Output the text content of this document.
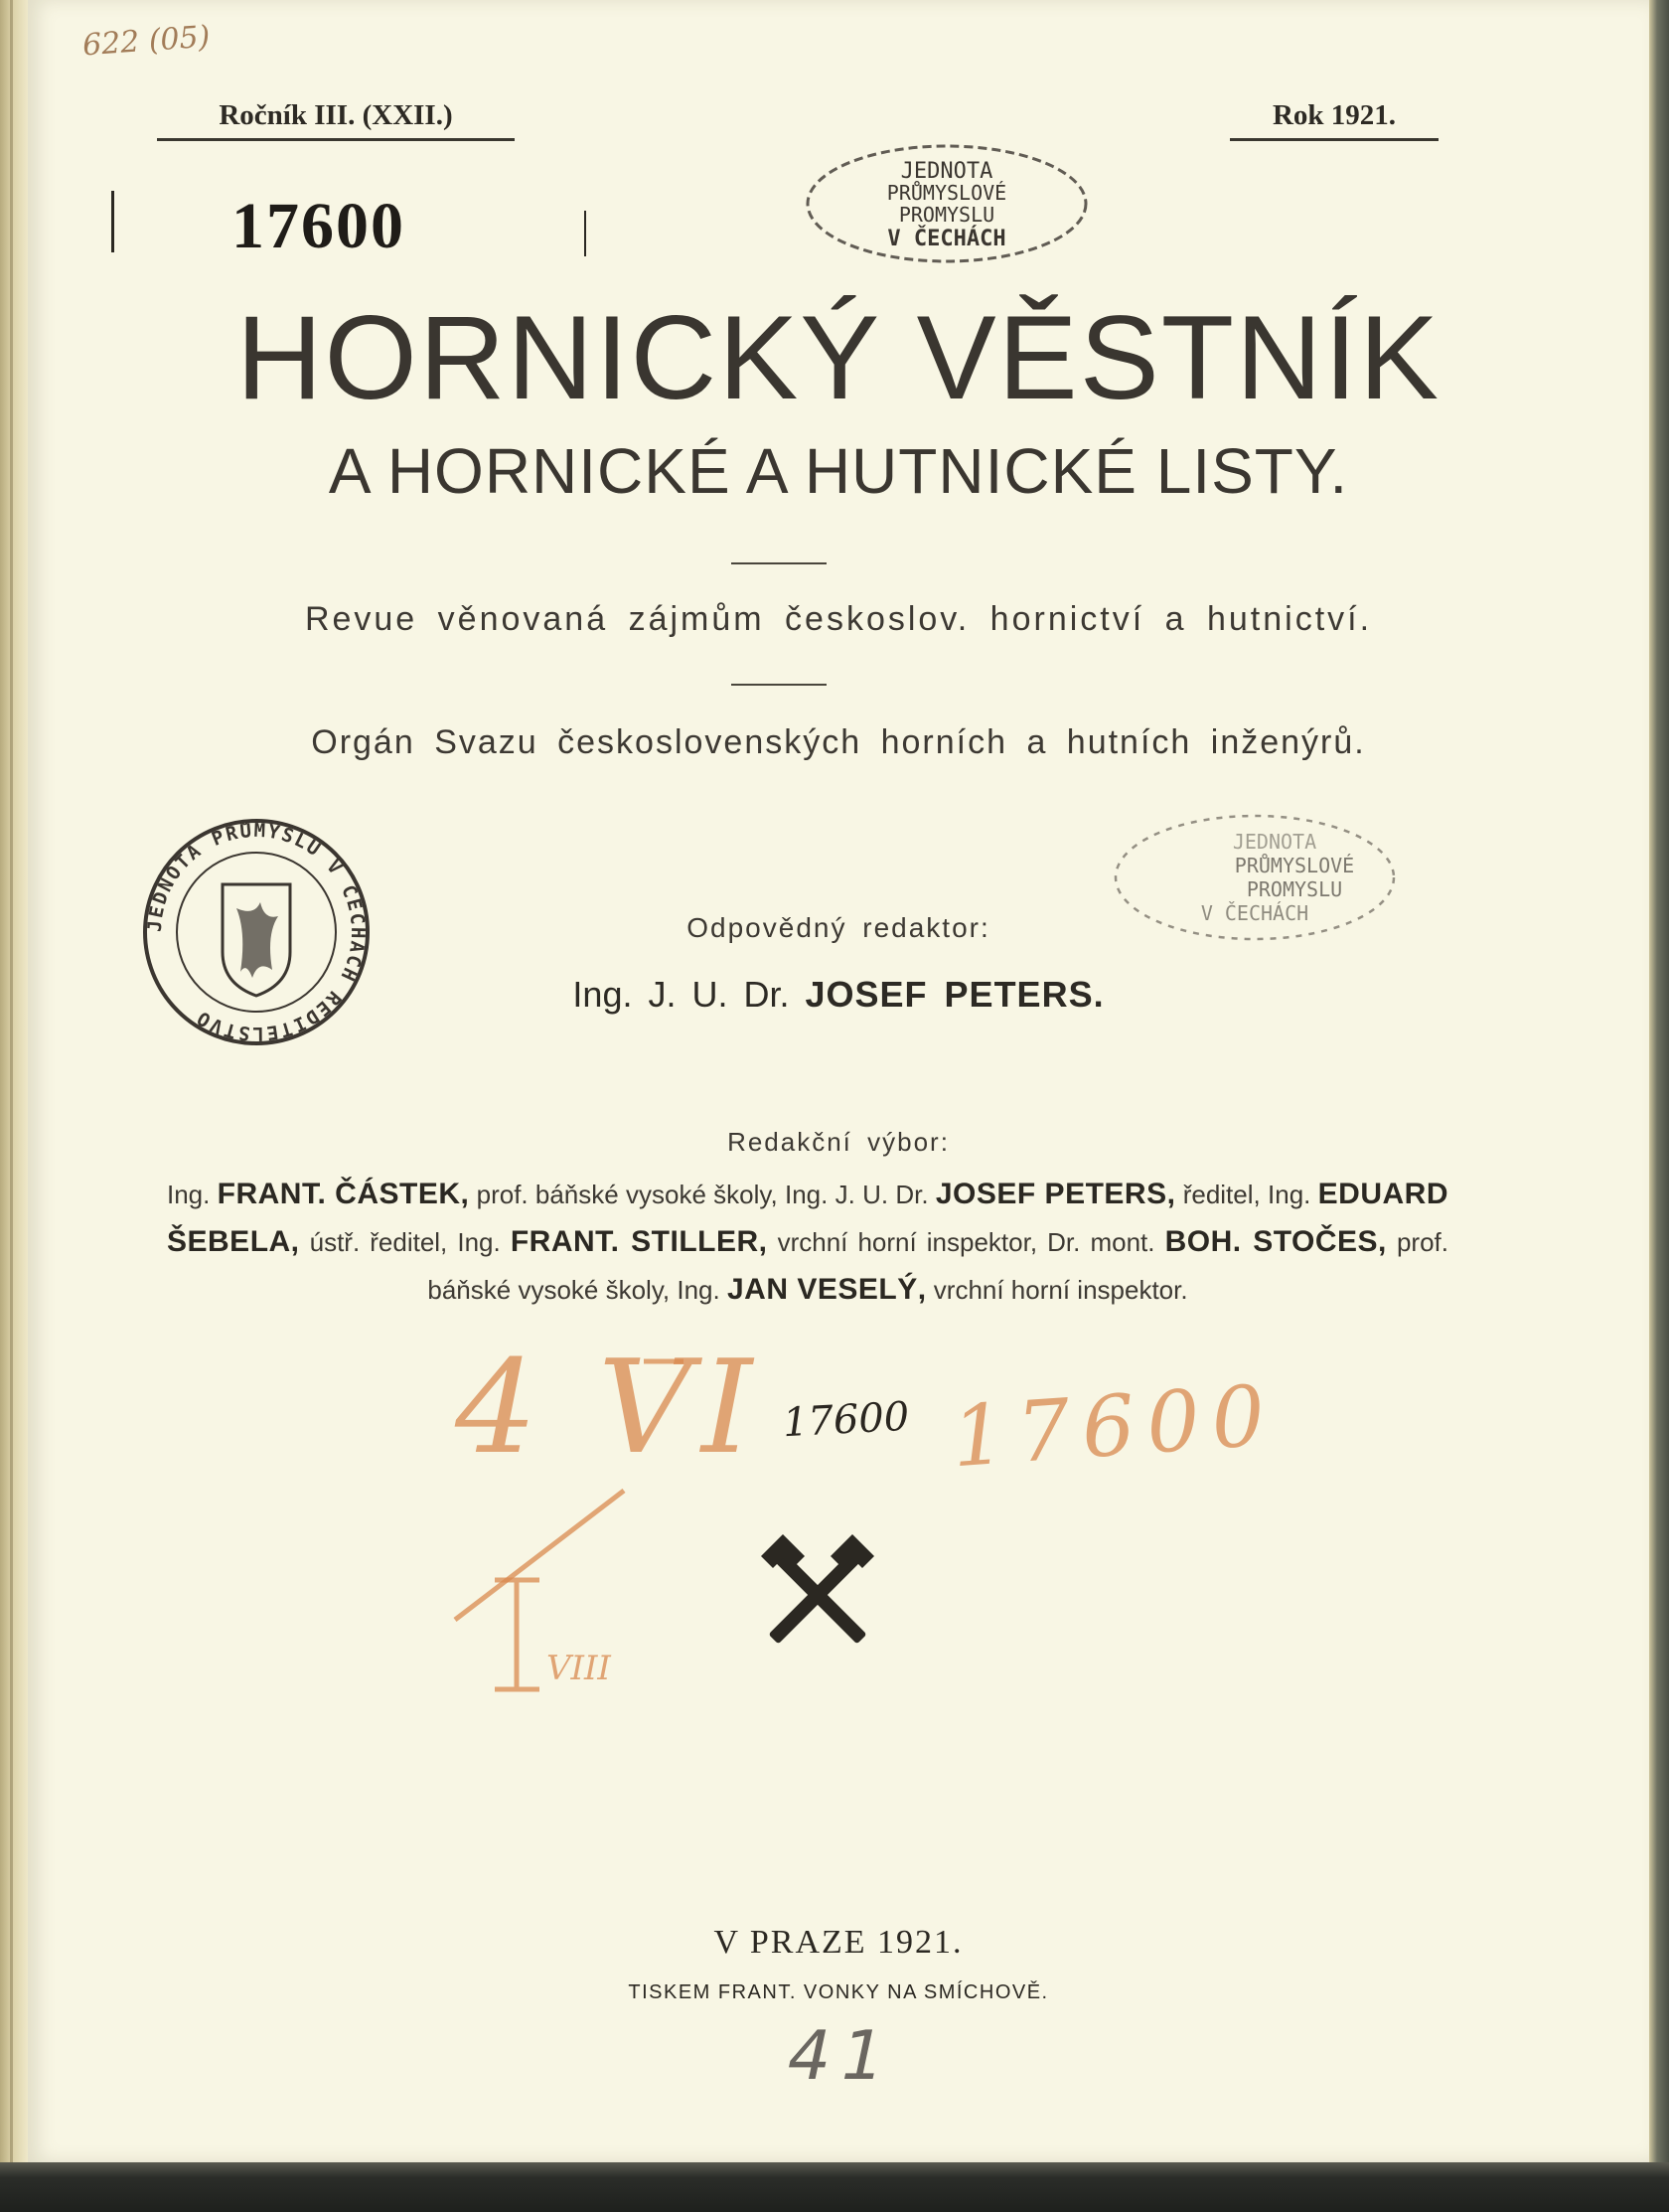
622 (05)
Ročník III. (XXII.)	Rok 1921.
17600
JEDNOTA
PRŮMYSLOVÉ
PROMYSLU
V ČECHÁCH
HORNICKÝ VĚSTNÍK
A HORNICKÉ A HUTNICKÉ LISTY.
Revue věnovaná zájmům českoslov. hornictví a hutnictví.
Orgán Svazu československých horních a hutních inženýrů.
JEDNOTA PRŮMYSLU V ČECHÁCH ŘEDITELSTVO
JEDNOTA
PRŮMYSLOVÉ
PROMYSLU
V ČECHÁCH
Odpovědný redaktor:
Ing. J. U. Dr. JOSEF PETERS.
Redakční výbor:
Ing. FRANT. ČÁSTEK, prof. báňské vysoké školy, Ing. J. U. Dr. JOSEF PETERS, ředitel, Ing. EDUARD ŠEBELA, ústř. ředitel, Ing. FRANT. STILLER, vrchní horní inspektor, Dr. mont. BOH. STOČES, prof. báňské vysoké školy, Ing. JAN VESELÝ, vrchní horní inspektor.
4 VI
VIII
17600 17600
V PRAZE 1921.
TISKEM FRANT. VONKY NA SMÍCHOVĚ.
41
